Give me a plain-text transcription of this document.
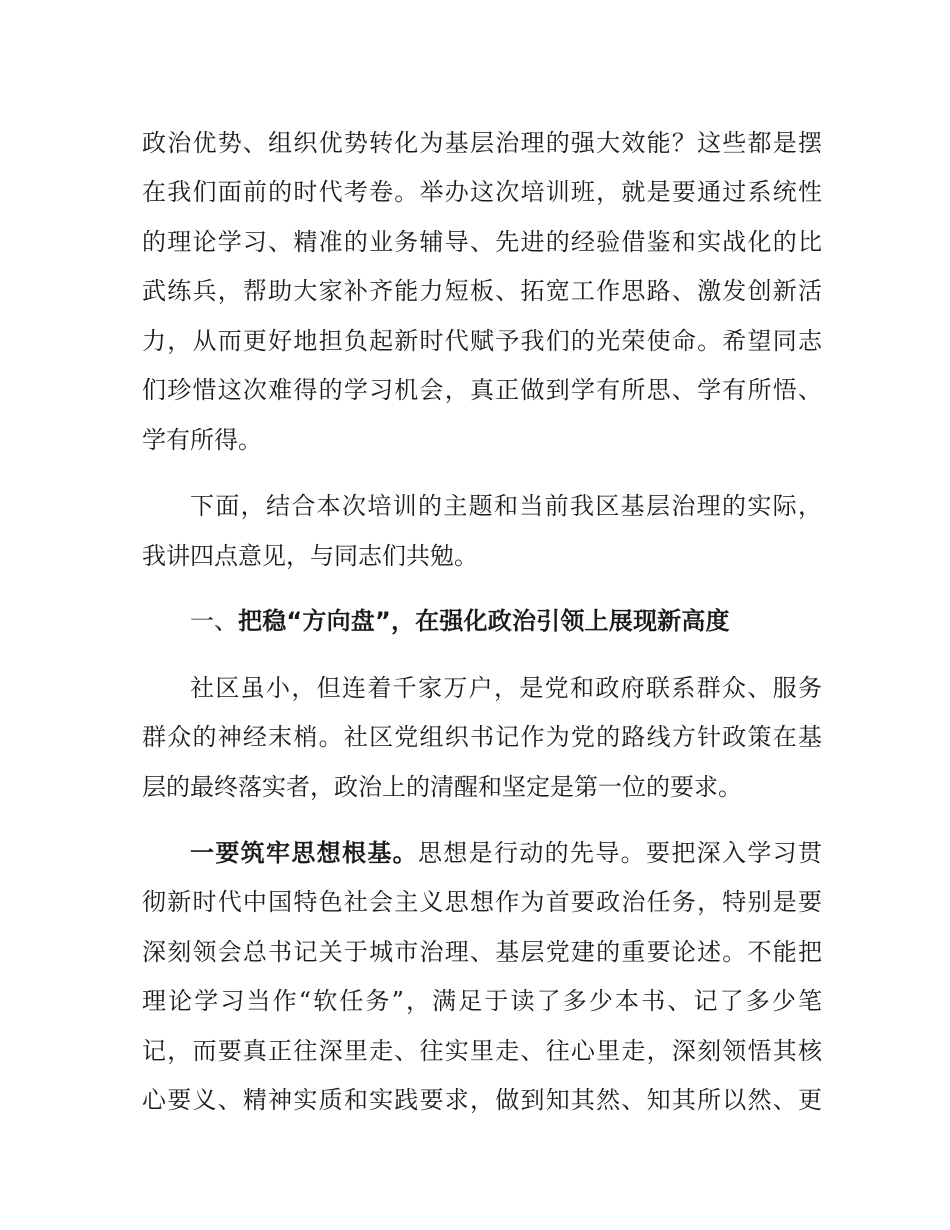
政治优势、组织优势转化为基层治理的强大效能？这些都是摆
在我们面前的时代考卷。举办这次培训班，就是要通过系统性
的理论学习、精准的业务辅导、先进的经验借鉴和实战化的比
武练兵，帮助大家补齐能力短板、拓宽工作思路、激发创新活
力，从而更好地担负起新时代赋予我们的光荣使命。希望同志
们珍惜这次难得的学习机会，真正做到学有所思、学有所悟、
学有所得。
下面，结合本次培训的主题和当前我区基层治理的实际，
我讲四点意见，与同志们共勉。
一、把稳“方向盘”，在强化政治引领上展现新高度
社区虽小，但连着千家万户，是党和政府联系群众、服务
群众的神经末梢。社区党组织书记作为党的路线方针政策在基
层的最终落实者，政治上的清醒和坚定是第一位的要求。
一要筑牢思想根基。思想是行动的先导。要把深入学习贯
彻新时代中国特色社会主义思想作为首要政治任务，特别是要
深刻领会总书记关于城市治理、基层党建的重要论述。不能把
理论学习当作“软任务”，满足于读了多少本书、记了多少笔
记，而要真正往深里走、往实里走、往心里走，深刻领悟其核
心要义、精神实质和实践要求，做到知其然、知其所以然、更
